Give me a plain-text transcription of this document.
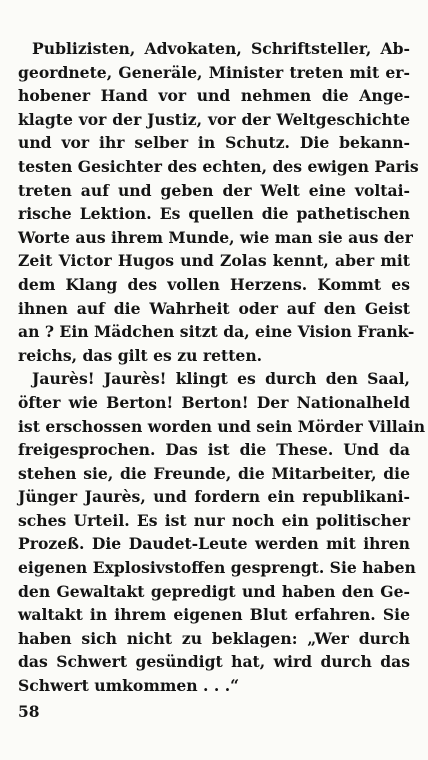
Publizisten, Advokaten, Schriftsteller, Ab-
geordnete, Generäle, Minister treten mit er-
hobener Hand vor und nehmen die Ange-
klagte vor der Justiz, vor der Weltgeschichte
und vor ihr selber in Schutz. Die bekann-
testen Gesichter des echten, des ewigen Paris
treten auf und geben der Welt eine voltai-
rische Lektion. Es quellen die pathetischen
Worte aus ihrem Munde, wie man sie aus der
Zeit Victor Hugos und Zolas kennt, aber mit
dem Klang des vollen Herzens. Kommt es
ihnen auf die Wahrheit oder auf den Geist
an ? Ein Mädchen sitzt da, eine Vision Frank-
reichs, das gilt es zu retten.
Jaurès! Jaurès! klingt es durch den Saal,
öfter wie Berton! Berton! Der Nationalheld
ist erschossen worden und sein Mörder Villain
freigesprochen. Das ist die These. Und da
stehen sie, die Freunde, die Mitarbeiter, die
Jünger Jaurès, und fordern ein republikani-
sches Urteil. Es ist nur noch ein politischer
Prozeß. Die Daudet-Leute werden mit ihren
eigenen Explosivstoffen gesprengt. Sie haben
den Gewaltakt gepredigt und haben den Ge-
waltakt in ihrem eigenen Blut erfahren. Sie
haben sich nicht zu beklagen: „Wer durch
das Schwert gesündigt hat, wird durch das
Schwert umkommen . . .“
58
